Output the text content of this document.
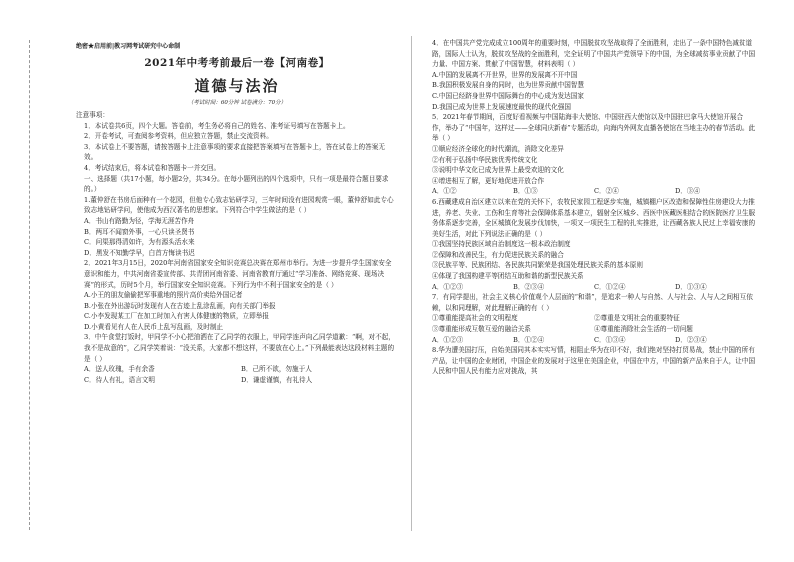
绝密★启用前|教习网考试研究中心命制
2021年中考考前最后一卷【河南卷】
道德与法治
（考试时间：60分钟 试卷满分：70分）
注意事项：
1．本试卷共6页，四个大题。答卷前，考生务必将自己的姓名、准考证号填写在答题卡上。
2．开卷考试，可查阅参考资料，但应独立答题，禁止交流资料。
3．本试卷上不要答题，请按答题卡上注意事项的要求直接把答案填写在答题卡上，答在试卷上的答案无效。
4．考试结束后，将本试卷和答题卡一并交回。
一、选择题（共17小题，每小题2分，共34分。在每小题列出的四个选项中，只有一项是最符合题目要求的。）
1.董仲舒在书房后面种有一个花园，但他专心致志钻研学习，三年时间没有进园观赏一眼，董仲舒如此专心致志地钻研学问，使他成为西汉著名的思想家。下列符合中学生做法的是（ ）
A．书山有路勤为径，学海无涯苦作舟
B．两耳不闻窗外事，一心只读圣贤书
C．问渠那得清如许，为有源头活水来
D．黑发不知勤学早，白首方悔读书迟
2．2021年3月15日，2020年河南省国家安全知识竞赛总决赛在郑州市举行。为进一步提升学生国家安全意识和能力，中共河南省委宣传部、共青团河南省委、河南省教育厅通过“学习准备、网络竞赛、现场决赛”的形式，历时5个月，举行国家安全知识竞赛。下列行为中不利于国家安全的是（ ）
A.小王的朋友偷偷把军事重地的照片高价卖给外国记者
B.小张在外出游玩时发现有人在古迹上乱涂乱画，向有关部门举报
C.小李发现某工厂在加工时加入有害人体健康的物质，立即举报
D.小黄看见有人在人民币上乱写乱画，及时制止
3．中午食堂打饭时，甲同学不小心把油洒在了乙同学的衣服上，甲同学连声向乙同学道歉：“啊，对不起，我不是故意的”，乙同学笑着说：“没关系，大家都不想这样，不要放在心上。”下列最能表达这段材料主题的是（ ）
A．送人玫瑰，手有余香	B．己所不欲，勿施于人
C．待人有礼，语言文明	D．谦虚谨慎，有礼待人
4．在中国共产党完成成立100周年的重要时刻，中国脱贫攻坚战取得了全面胜利，走出了一条中国特色减贫道路，国际人士认为，脱贫攻坚战的全面胜利，完全证明了中国共产党领导下的中国，为全球减贫事业贡献了中国力量、中国方案、贯献了中国智慧，材料表明（ ）
A.中国的发展离不开世界，世界的发展离不开中国
B.我国积极发展自身的同时，也为世界贡献中国智慧
C.中国已经跻身世界中国际舞台的中心成为发达国家
D.我国已成为世界上发展速度最快的现代化强国
5．2021年春节期间，百度好看视频与中国陆海非大使馆、中国驻西大使馆以及中国驻巴拿马大使馆开展合作，举办了“中国年，这样过——全球同庆新春”专题活动，向海内外网友直播各使馆在当地主办的春节活动。此举（ ）
①顺应经济全球化的时代潮流，消除文化差异
②有利于弘扬中华民族优秀传统文化
③说明中华文化已成为世界上最受欢迎的文化
④增进相互了解，更好地促进开放合作
A．①②	B．①③	C．②④	D．③④
6.西藏建成自治区建立以来在党的关怀下，农牧民家园工程逐步实施，城镇棚户区改造和保障性住房建设大力推进，养老、失业、工伤和生育等社会保障体系基本建立，辐射全区城乡、西医中医藏医相结合的医院医疗卫生服务体系逐步完善，全区城镇化发展步伐加快，一项又一项民生工程的扎实推进，让西藏各族人民过上幸福安康的美好生活，对此下列说法正确的是（ ）
①我国坚持民族区域自治制度这一根本政治制度
②保障和改善民生，有力促进民族关系的融合
③民族平等、民族团结、各民族共同繁荣是我国处理民族关系的基本原则
④体现了我国构建平等团结互助和谐的新型民族关系
A．①②③	B．②③④	C．①②④	D．①③④
7．有同学提出，社会主义核心价值观个人层面的“和谐”，是追求一种人与自然、人与社会、人与人之间相互依赖，以和同理解，对此理解正确的有（ ）
①尊重能提高社会的文明程度	②尊重是文明社会的重要特征
③尊重能形成互敬互爱的融洽关系	④尊重能消除社会生活的一切问题
A．①②③	B．①②④	C．①③④	D．②③④
8.华为遭美国打压，自始美国同其本实实写情，相阻止华为在印不好，我们绝对坚持打贸易战，禁止中国的所有产品，让中国的企业财团，中国企业的发展对于这里在美国企业，中国在中方，中国的新产品来自于人，让中国人民和中国人民有能力应对挑战，其
